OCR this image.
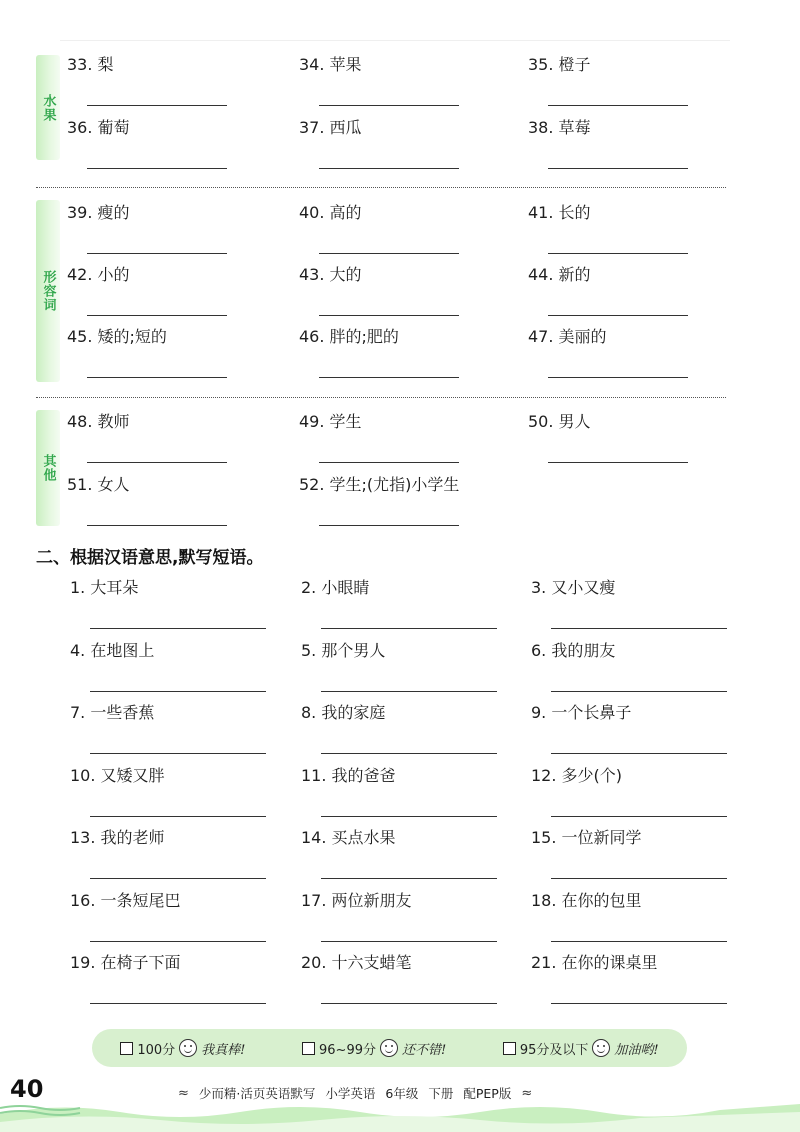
水果
形容词
其他
33. 梨	34. 苹果	35. 橙子
36. 葡萄	37. 西瓜	38. 草莓
39. 瘦的	40. 高的	41. 长的
42. 小的	43. 大的	44. 新的
45. 矮的;短的	46. 胖的;肥的	47. 美丽的
48. 教师	49. 学生	50. 男人
51. 女人	52. 学生;(尤指)小学生
二、根据汉语意思,默写短语。
1. 大耳朵	2. 小眼睛	3. 又小又瘦
4. 在地图上	5. 那个男人	6. 我的朋友
7. 一些香蕉	8. 我的家庭	9. 一个长鼻子
10. 又矮又胖	11. 我的爸爸	12. 多少(个)
13. 我的老师	14. 买点水果	15. 一位新同学
16. 一条短尾巴	17. 两位新朋友	18. 在你的包里
19. 在椅子下面	20. 十六支蜡笔	21. 在你的课桌里
100分 我真棒!	96~99分 还不错!	95分及以下 加油哟!
40	≈ 少而精·活页英语默写 小学英语 6年级 下册 配PEP版 ≈
